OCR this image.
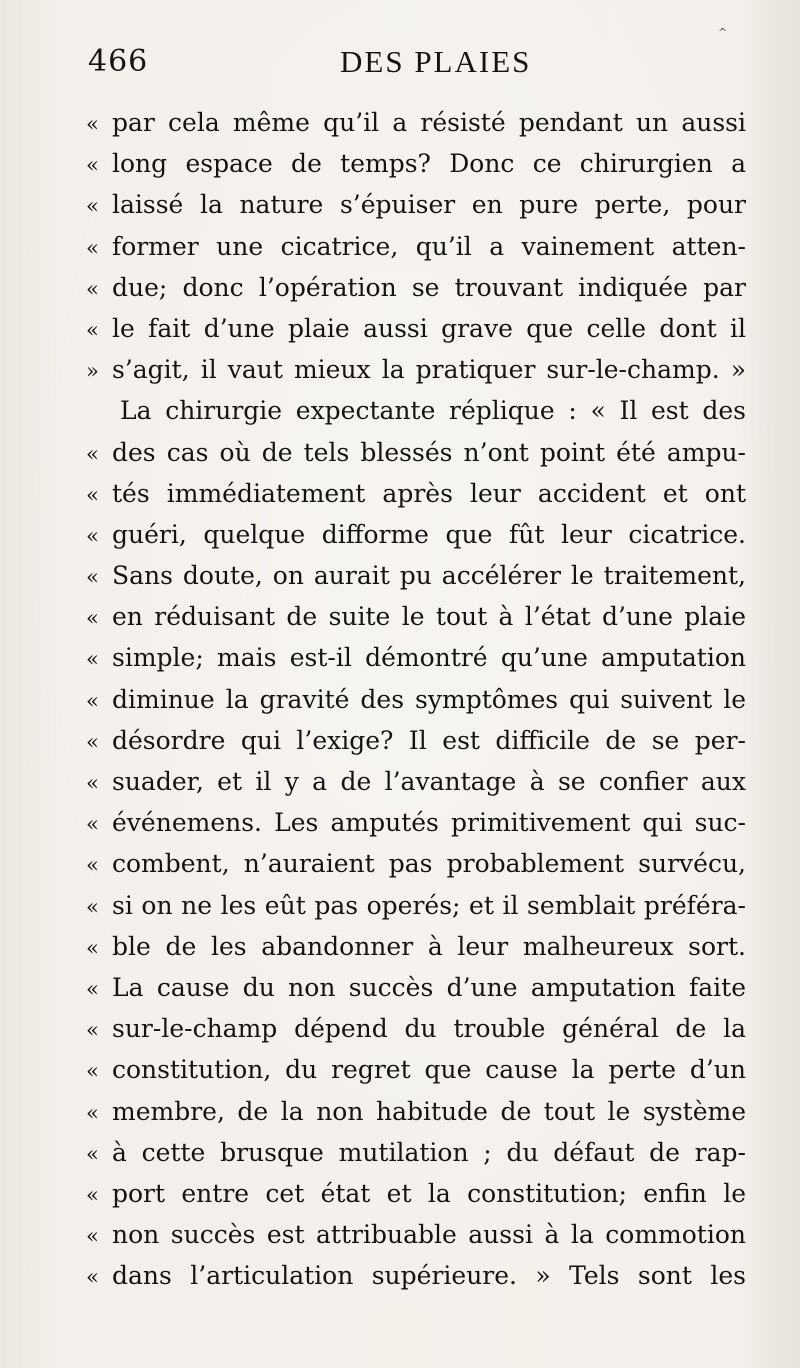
^
466	DES PLAIES
« par cela même qu’il a résisté pendant un aussi
« long espace de temps? Donc ce chirurgien a
« laissé la nature s’épuiser en pure perte, pour
« former une cicatrice, qu’il a vainement atten-
« due; donc l’opération se trouvant indiquée par
« le fait d’une plaie aussi grave que celle dont il
» s’agit, il vaut mieux la pratiquer sur-le-champ. »
La chirurgie expectante réplique : « Il est des
« des cas où de tels blessés n’ont point été ampu-
« tés immédiatement après leur accident et ont
« guéri, quelque difforme que fût leur cicatrice.
« Sans doute, on aurait pu accélérer le traitement,
« en réduisant de suite le tout à l’état d’une plaie
« simple; mais est-il démontré qu’une amputation
« diminue la gravité des symptômes qui suivent le
« désordre qui l’exige? Il est difficile de se per-
« suader, et il y a de l’avantage à se confier aux
« événemens. Les amputés primitivement qui suc-
« combent, n’auraient pas probablement survécu,
« si on ne les eût pas operés; et il semblait préféra-
« ble de les abandonner à leur malheureux sort.
« La cause du non succès d’une amputation faite
« sur-le-champ dépend du trouble général de la
« constitution, du regret que cause la perte d’un
« membre, de la non habitude de tout le système
« à cette brusque mutilation ; du défaut de rap-
« port entre cet état et la constitution; enfin le
« non succès est attribuable aussi à la commotion
« dans l’articulation supérieure. » Tels sont les
